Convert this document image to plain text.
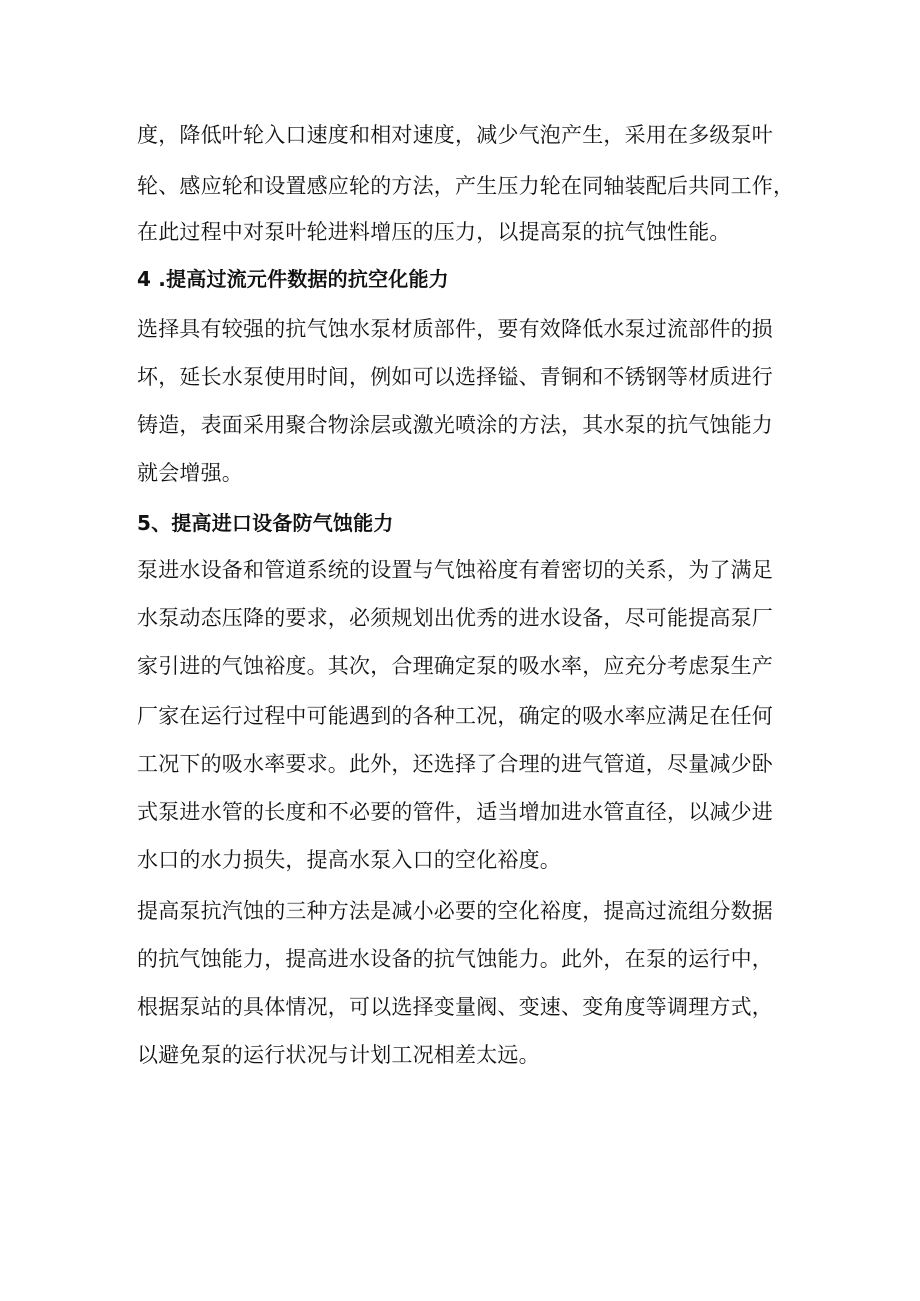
度，降低叶轮入口速度和相对速度，减少气泡产生，采用在多级泵叶
轮、感应轮和设置感应轮的方法，产生压力轮在同轴装配后共同工作，
在此过程中对泵叶轮进料增压的压力，以提高泵的抗气蚀性能。
4 .提高过流元件数据的抗空化能力
选择具有较强的抗气蚀水泵材质部件，要有效降低水泵过流部件的损
坏，延长水泵使用时间，例如可以选择镒、青铜和不锈钢等材质进行
铸造，表面采用聚合物涂层或激光喷涂的方法，其水泵的抗气蚀能力
就会增强。
5、提高进口设备防气蚀能力
泵进水设备和管道系统的设置与气蚀裕度有着密切的关系，为了满足
水泵动态压降的要求，必须规划出优秀的进水设备，尽可能提高泵厂
家引进的气蚀裕度。其次，合理确定泵的吸水率，应充分考虑泵生产
厂家在运行过程中可能遇到的各种工况，确定的吸水率应满足在任何
工况下的吸水率要求。此外，还选择了合理的进气管道，尽量减少卧
式泵进水管的长度和不必要的管件，适当增加进水管直径，以减少进
水口的水力损失，提高水泵入口的空化裕度。
提高泵抗汽蚀的三种方法是减小必要的空化裕度，提高过流组分数据
的抗气蚀能力，提高进水设备的抗气蚀能力。此外，在泵的运行中，
根据泵站的具体情况，可以选择变量阀、变速、变角度等调理方式，
以避免泵的运行状况与计划工况相差太远。
